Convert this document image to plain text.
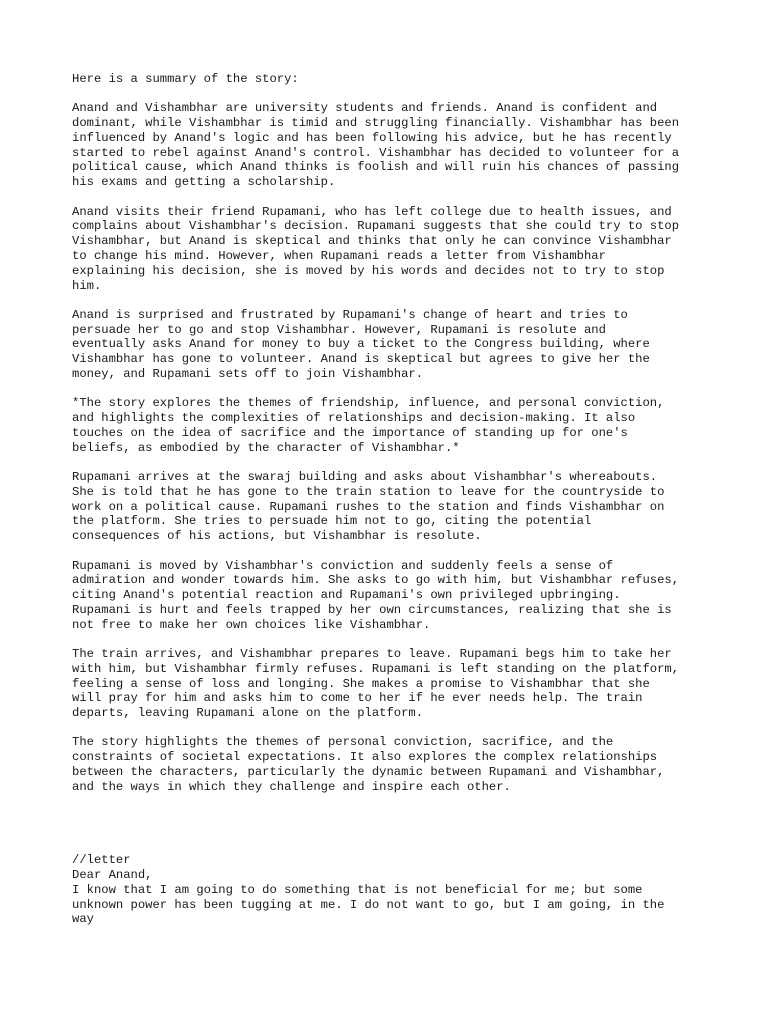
Here is a summary of the story:

Anand and Vishambhar are university students and friends. Anand is confident and
dominant, while Vishambhar is timid and struggling financially. Vishambhar has been
influenced by Anand's logic and has been following his advice, but he has recently
started to rebel against Anand's control. Vishambhar has decided to volunteer for a
political cause, which Anand thinks is foolish and will ruin his chances of passing
his exams and getting a scholarship.

Anand visits their friend Rupamani, who has left college due to health issues, and
complains about Vishambhar's decision. Rupamani suggests that she could try to stop
Vishambhar, but Anand is skeptical and thinks that only he can convince Vishambhar
to change his mind. However, when Rupamani reads a letter from Vishambhar
explaining his decision, she is moved by his words and decides not to try to stop
him.

Anand is surprised and frustrated by Rupamani's change of heart and tries to
persuade her to go and stop Vishambhar. However, Rupamani is resolute and
eventually asks Anand for money to buy a ticket to the Congress building, where
Vishambhar has gone to volunteer. Anand is skeptical but agrees to give her the
money, and Rupamani sets off to join Vishambhar.

*The story explores the themes of friendship, influence, and personal conviction,
and highlights the complexities of relationships and decision-making. It also
touches on the idea of sacrifice and the importance of standing up for one's
beliefs, as embodied by the character of Vishambhar.*

Rupamani arrives at the swaraj building and asks about Vishambhar's whereabouts.
She is told that he has gone to the train station to leave for the countryside to
work on a political cause. Rupamani rushes to the station and finds Vishambhar on
the platform. She tries to persuade him not to go, citing the potential
consequences of his actions, but Vishambhar is resolute.

Rupamani is moved by Vishambhar's conviction and suddenly feels a sense of
admiration and wonder towards him. She asks to go with him, but Vishambhar refuses,
citing Anand's potential reaction and Rupamani's own privileged upbringing.
Rupamani is hurt and feels trapped by her own circumstances, realizing that she is
not free to make her own choices like Vishambhar.

The train arrives, and Vishambhar prepares to leave. Rupamani begs him to take her
with him, but Vishambhar firmly refuses. Rupamani is left standing on the platform,
feeling a sense of loss and longing. She makes a promise to Vishambhar that she
will pray for him and asks him to come to her if he ever needs help. The train
departs, leaving Rupamani alone on the platform.

The story highlights the themes of personal conviction, sacrifice, and the
constraints of societal expectations. It also explores the complex relationships
between the characters, particularly the dynamic between Rupamani and Vishambhar,
and the ways in which they challenge and inspire each other.

//letter
Dear Anand,
I know that I am going to do something that is not beneficial for me; but some
unknown power has been tugging at me. I do not want to go, but I am going, in the
way
